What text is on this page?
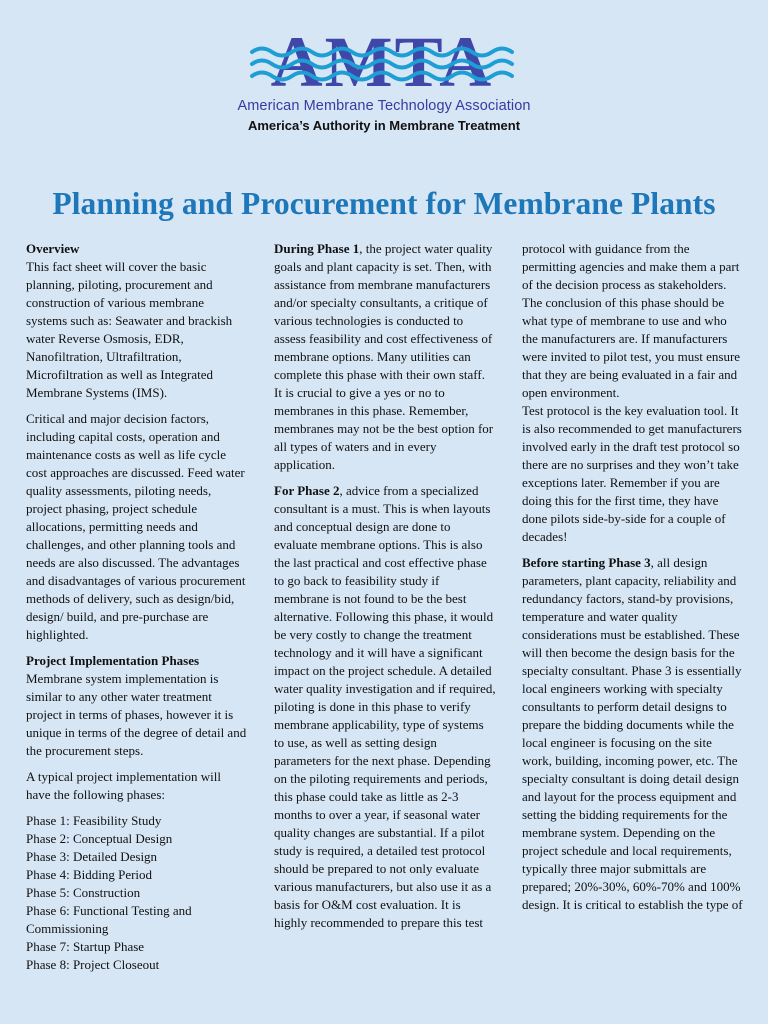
AMTA
American Membrane Technology Association
America’s Authority in Membrane Treatment
Planning and Procurement for Membrane Plants

Overview

This fact sheet will cover the basic planning, piloting, procurement and construction of various membrane systems such as: Seawater and brackish water Reverse Osmosis, EDR, Nanofiltration, Ultrafiltration, Microfiltration as well as Integrated Membrane Systems (IMS).

Critical and major decision factors, including capital costs, operation and maintenance costs as well as life cycle cost approaches are discussed. Feed water quality assessments, piloting needs, project phasing, project schedule allocations, permitting needs and challenges, and other planning tools and needs are also discussed. The advantages and disadvantages of various procurement methods of delivery, such as design/bid, design/ build, and pre-purchase are highlighted.

Project Implementation Phases

Membrane system implementation is similar to any other water treatment project in terms of phases, however it is unique in terms of the degree of detail and the procurement steps.

A typical project implementation will have the following phases:

Phase 1: Feasibility Study
Phase 2: Conceptual Design
Phase 3: Detailed Design
Phase 4: Bidding Period
Phase 5: Construction
Phase 6: Functional Testing and Commissioning
Phase 7: Startup Phase
Phase 8: Project Closeout

During Phase 1, the project water quality goals and plant capacity is set. Then, with assistance from membrane manufacturers and/or specialty consultants, a critique of various technologies is conducted to assess feasibility and cost effectiveness of membrane options. Many utilities can complete this phase with their own staff. It is crucial to give a yes or no to membranes in this phase. Remember, membranes may not be the best option for all types of waters and in every application.

For Phase 2, advice from a specialized consultant is a must. This is when layouts and conceptual design are done to evaluate membrane options. This is also the last practical and cost effective phase to go back to feasibility study if membrane is not found to be the best alternative. Following this phase, it would be very costly to change the treatment technology and it will have a significant impact on the project schedule. A detailed water quality investigation and if required, piloting is done in this phase to verify membrane applicability, type of systems to use, as well as setting design parameters for the next phase. Depending on the piloting requirements and periods, this phase could take as little as 2-3 months to over a year, if seasonal water quality changes are substantial. If a pilot study is required, a detailed test protocol should be prepared to not only evaluate various manufacturers, but also use it as a basis for O&M cost evaluation. It is highly recommended to prepare this test

protocol with guidance from the permitting agencies and make them a part of the decision process as stakeholders. The conclusion of this phase should be what type of membrane to use and who the manufacturers are. If manufacturers were invited to pilot test, you must ensure that they are being evaluated in a fair and open environment.

Test protocol is the key evaluation tool. It is also recommended to get manufacturers involved early in the draft test protocol so there are no surprises and they won’t take exceptions later. Remember if you are doing this for the first time, they have done pilots side-by-side for a couple of decades!

Before starting Phase 3, all design parameters, plant capacity, reliability and redundancy factors, stand-by provisions, temperature and water quality considerations must be established. These will then become the design basis for the specialty consultant. Phase 3 is essentially local engineers working with specialty consultants to perform detail designs to prepare the bidding documents while the local engineer is focusing on the site work, building, incoming power, etc. The specialty consultant is doing detail design and layout for the process equipment and setting the bidding requirements for the membrane system. Depending on the project schedule and local requirements, typically three major submittals are prepared; 20%-30%, 60%-70% and 100% design. It is critical to establish the type of
